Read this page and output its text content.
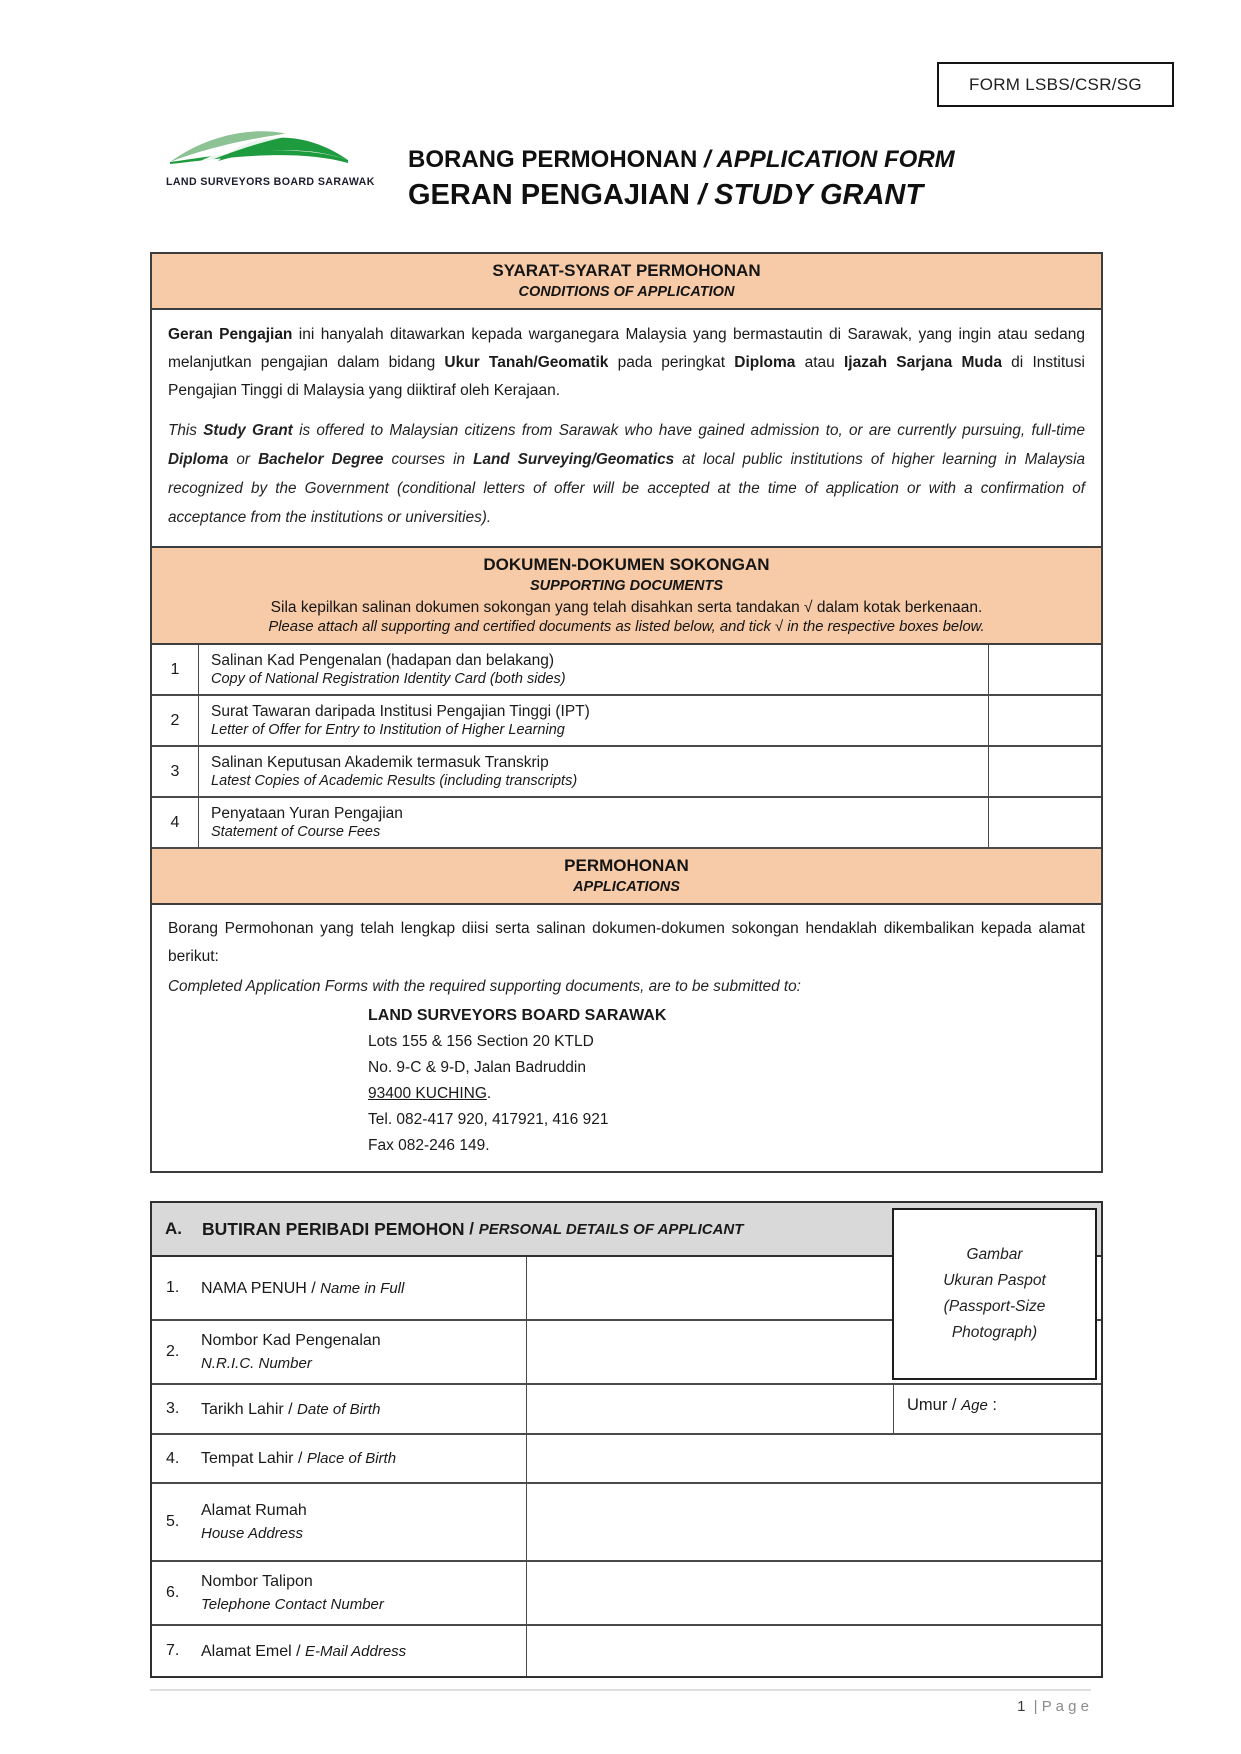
FORM LSBS/CSR/SG
LAND SURVEYORS BOARD SARAWAK
BORANG PERMOHONAN / APPLICATION FORM
GERAN PENGAJIAN / STUDY GRANT
SYARAT-SYARAT PERMOHONAN
CONDITIONS OF APPLICATION

Geran Pengajian ini hanyalah ditawarkan kepada warganegara Malaysia yang bermastautin di Sarawak, yang ingin atau sedang melanjutkan pengajian dalam bidang Ukur Tanah/Geomatik pada peringkat Diploma atau Ijazah Sarjana Muda di Institusi Pengajian Tinggi di Malaysia yang diiktiraf oleh Kerajaan.

This Study Grant is offered to Malaysian citizens from Sarawak who have gained admission to, or are currently pursuing, full-time Diploma or Bachelor Degree courses in Land Surveying/Geomatics at local public institutions of higher learning in Malaysia recognized by the Government (conditional letters of offer will be accepted at the time of application or with a confirmation of acceptance from the institutions or universities).

DOKUMEN-DOKUMEN SOKONGAN
SUPPORTING DOCUMENTS
Sila kepilkan salinan dokumen sokongan yang telah disahkan serta tandakan √ dalam kotak berkenaan.
Please attach all supporting and certified documents as listed below, and tick √ in the respective boxes below.
1
Salinan Kad Pengenalan (hadapan dan belakang)
Copy of National Registration Identity Card (both sides)
2
Surat Tawaran daripada Institusi Pengajian Tinggi (IPT)
Letter of Offer for Entry to Institution of Higher Learning
3
Salinan Keputusan Akademik termasuk Transkrip
Latest Copies of Academic Results (including transcripts)
4
Penyataan Yuran Pengajian
Statement of Course Fees
PERMOHONAN
APPLICATIONS

Borang Permohonan yang telah lengkap diisi serta salinan dokumen-dokumen sokongan hendaklah dikembalikan kepada alamat berikut:

Completed Application Forms with the required supporting documents, are to be submitted to:

LAND SURVEYORS BOARD SARAWAK
Lots 155 & 156 Section 20 KTLD
No. 9-C & 9-D, Jalan Badruddin
93400 KUCHING.
Tel. 082-417 920, 417921, 416 921
Fax 082-246 149.
A.	BUTIRAN PERIBADI PEMOHON / PERSONAL DETAILS OF APPLICANT
Gambar
Ukuran Paspot
(Passport-Size
Photograph)
1.	NAMA PENUH / Name in Full
2.
Nombor Kad Pengenalan
N.R.I.C. Number
3.	Tarikh Lahir / Date of Birth	Umur / Age :
4.	Tempat Lahir / Place of Birth
5.
Alamat Rumah
House Address
6.
Nombor Talipon
Telephone Contact Number
7.	Alamat Emel / E-Mail Address
1 | P a g e
